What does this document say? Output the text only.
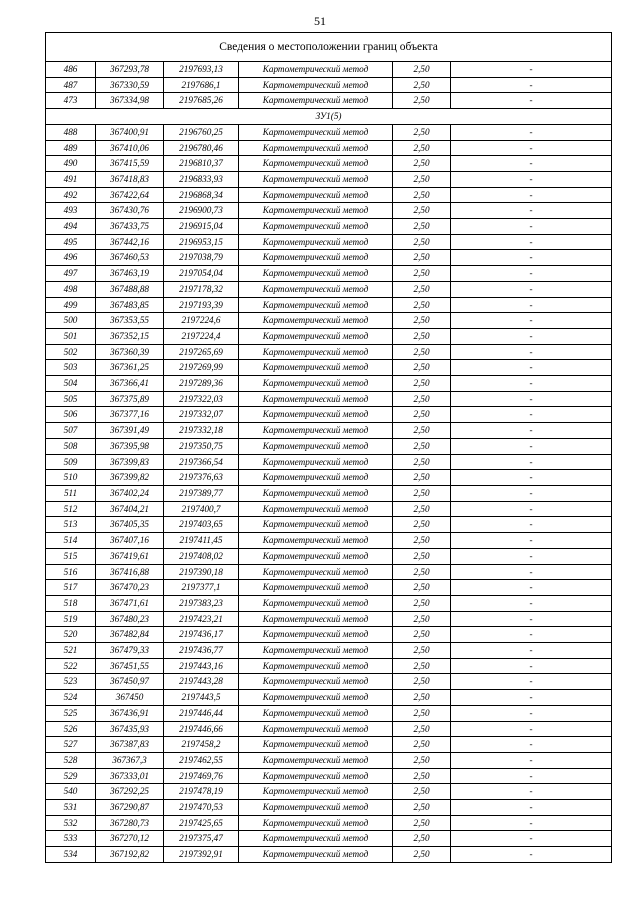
51
Сведения о местоположении границ объекта					
486	367293,78	2197693,13	Картометрический метод	2,50	-
487	367330,59	2197686,1	Картометрический метод	2,50	-
473	367334,98	2197685,26	Картометрический метод	2,50	-
ЗУ1(5)					
488	367400,91	2196760,25	Картометрический метод	2,50	-
489	367410,06	2196780,46	Картометрический метод	2,50	-
490	367415,59	2196810,37	Картометрический метод	2,50	-
491	367418,83	2196833,93	Картометрический метод	2,50	-
492	367422,64	2196868,34	Картометрический метод	2,50	-
493	367430,76	2196900,73	Картометрический метод	2,50	-
494	367433,75	2196915,04	Картометрический метод	2,50	-
495	367442,16	2196953,15	Картометрический метод	2,50	-
496	367460,53	2197038,79	Картометрический метод	2,50	-
497	367463,19	2197054,04	Картометрический метод	2,50	-
498	367488,88	2197178,32	Картометрический метод	2,50	-
499	367483,85	2197193,39	Картометрический метод	2,50	-
500	367353,55	2197224,6	Картометрический метод	2,50	-
501	367352,15	2197224,4	Картометрический метод	2,50	-
502	367360,39	2197265,69	Картометрический метод	2,50	-
503	367361,25	2197269,99	Картометрический метод	2,50	-
504	367366,41	2197289,36	Картометрический метод	2,50	-
505	367375,89	2197322,03	Картометрический метод	2,50	-
506	367377,16	2197332,07	Картометрический метод	2,50	-
507	367391,49	2197332,18	Картометрический метод	2,50	-
508	367395,98	2197350,75	Картометрический метод	2,50	-
509	367399,83	2197366,54	Картометрический метод	2,50	-
510	367399,82	2197376,63	Картометрический метод	2,50	-
511	367402,24	2197389,77	Картометрический метод	2,50	-
512	367404,21	2197400,7	Картометрический метод	2,50	-
513	367405,35	2197403,65	Картометрический метод	2,50	-
514	367407,16	2197411,45	Картометрический метод	2,50	-
515	367419,61	2197408,02	Картометрический метод	2,50	-
516	367416,88	2197390,18	Картометрический метод	2,50	-
517	367470,23	2197377,1	Картометрический метод	2,50	-
518	367471,61	2197383,23	Картометрический метод	2,50	-
519	367480,23	2197423,21	Картометрический метод	2,50	-
520	367482,84	2197436,17	Картометрический метод	2,50	-
521	367479,33	2197436,77	Картометрический метод	2,50	-
522	367451,55	2197443,16	Картометрический метод	2,50	-
523	367450,97	2197443,28	Картометрический метод	2,50	-
524	367450	2197443,5	Картометрический метод	2,50	-
525	367436,91	2197446,44	Картометрический метод	2,50	-
526	367435,93	2197446,66	Картометрический метод	2,50	-
527	367387,83	2197458,2	Картометрический метод	2,50	-
528	367367,3	2197462,55	Картометрический метод	2,50	-
529	367333,01	2197469,76	Картометрический метод	2,50	-
540	367292,25	2197478,19	Картометрический метод	2,50	-
531	367290,87	2197470,53	Картометрический метод	2,50	-
532	367280,73	2197425,65	Картометрический метод	2,50	-
533	367270,12	2197375,47	Картометрический метод	2,50	-
534	367192,82	2197392,91	Картометрический метод	2,50	-
